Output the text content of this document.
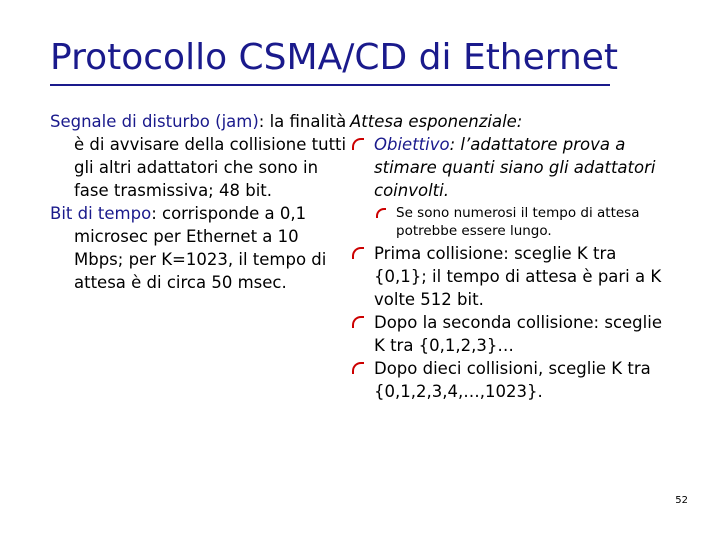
Protocollo CSMA/CD di Ethernet

Segnale di disturbo (jam): la finalità è di avvisare della collisione tutti gli altri adattatori che sono in fase trasmissiva; 48 bit.

Bit di tempo: corrisponde a 0,1 microsec per Ethernet a 10 Mbps; per K=1023, il tempo di attesa è di circa 50 msec.

Attesa esponenziale:

Obiettivo: l’adattatore prova a stimare quanti siano gli adattatori coinvolti.
Se sono numerosi il tempo di attesa potrebbe essere lungo.
Prima collisione: sceglie K tra {0,1}; il tempo di attesa è pari a K volte 512 bit.
Dopo la seconda collisione: sceglie K tra {0,1,2,3}…
Dopo dieci collisioni, sceglie K tra {0,1,2,3,4,…,1023}.
52
